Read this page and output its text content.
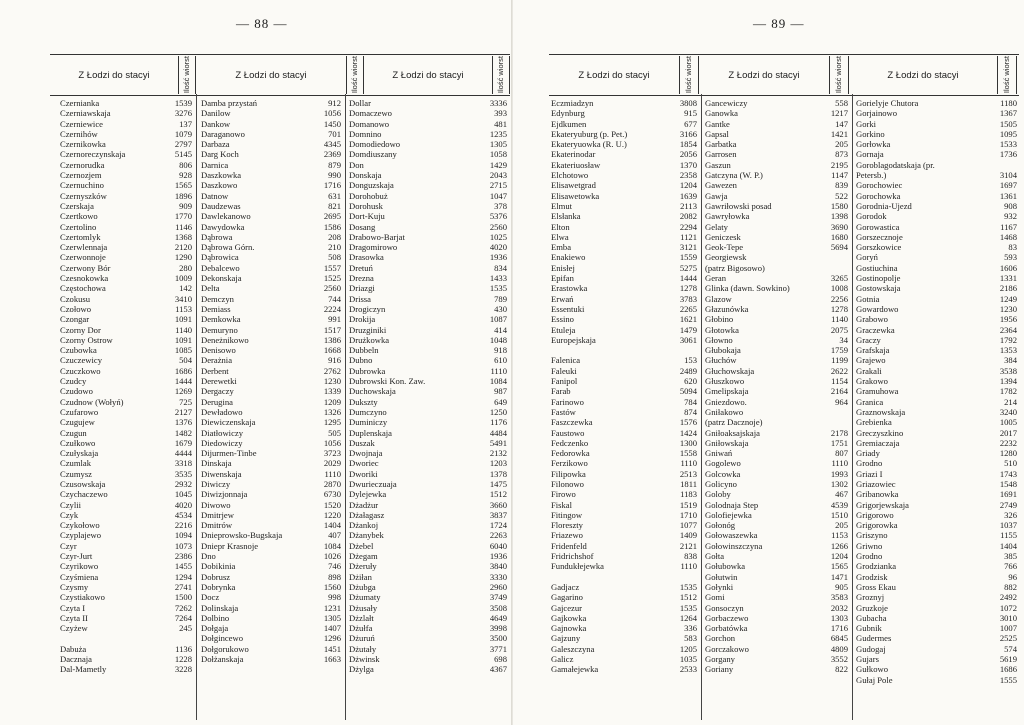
— 88 —
Z Łodzi do stacyi	Ilość wiorst	Z Łodzi do stacyi	Ilość wiorst	Z Łodzi do stacyi	Ilość wiorst
Czernianka	1539
Czerniawskaja	3276
Czerniewice	137
Czernihów	1079
Czernikowka	2797
Czernoreczynskaja	5145
Czernorudka	806
Czernozjem	928
Czernuchino	1565
Czernyszków	1896
Czerskaja	909
Czertkowo	1770
Czertolino	1146
Czertomlyk	1368
Czerwlennaja	2120
Czerwonnoje	1290
Czerwony Bór	280
Czesnokowka	1009
Częstochowa	142
Czokusu	3410
Czołowo	1153
Czongar	1091
Czorny Dor	1140
Czorny Ostrow	1091
Czubowka	1085
Czuczewicy	504
Czuczkowo	1686
Czudcy	1444
Czudowo	1269
Czudnow (Wołyń)	725
Czufarowo	2127
Czugujew	1376
Czugun	1482
Czułkowo	1679
Czułyskaja	4444
Czumlak	3318
Czumysz	3535
Czusowskaja	2932
Czychaczewo	1045
Czylii	4020
Czyk	4534
Czykołowo	2216
Czyplajewo	1094
Czyr	1073
Czyr-Jurt	2386
Czyrikowo	1455
Czyśmiena	1294
Czysmy	2741
Czystiakowo	1500
Czyta I	7262
Czyta II	7264
Czyżew	245
Dabuża	1136
Dacznaja	1228
Dal-Mametly	3228
Damba przystań	912
Danilow	1056
Dankow	1450
Daraganowo	701
Darbaza	4345
Darg Koch	2369
Darnica	879
Daszkowka	990
Daszkowo	1716
Datnow	631
Daudzewas	821
Dawlekanowo	2695
Dawydowka	1586
Dąbrowa	208
Dąbrowa Górn.	210
Dąbrowica	508
Debalcewo	1557
Dekonskaja	1525
Delta	2560
Demczyn	744
Demiass	2224
Demkowka	991
Demuryno	1517
Deneżnikowo	1386
Denisowo	1668
Derażnia	916
Derbent	2762
Derewetki	1230
Dergaczy	1339
Derugina	1209
Dewładowo	1326
Diewiczenskaja	1295
Diatłowiczy	505
Diedowiczy	1056
Dijurmen-Tinbe	3723
Dinskaja	2029
Diwenskaja	1110
Diwiczy	2870
Diwizjonnaja	6730
Diwowo	1520
Dmitrjew	1220
Dmitrów	1404
Dnieprowsko-Bugskaja	407
Dniepr Krasnoje	1084
Dno	1026
Dobikinia	746
Dobrusz	898
Dobrynka	1560
Docz	998
Dolinskaja	1231
Dolbino	1305
Dołgaja	1407
Dołgincewo	1296
Dołgorukowo	1451
Dołżanskaja	1663
Dollar	3336
Domaczewo	393
Domanowo	481
Domnino	1235
Domodiedowo	1305
Domdiuszany	1058
Don	1429
Donskaja	2043
Donguzskaja	2715
Dorohobuż	1047
Dorohusk	378
Dort-Kuju	5376
Dosang	2560
Drabowo-Barjat	1025
Dragomirowo	4020
Drasowka	1936
Dretuń	834
Drezna	1433
Driazgi	1535
Drissa	789
Drogiczyn	430
Drokija	1087
Druzginiki	414
Drużkowka	1048
Dubbeln	918
Dubno	610
Dubrowka	1110
Dubrowski Kon. Zaw.	1084
Duchowskaja	987
Dukszty	649
Dumczyno	1250
Duminiczy	1176
Duplenskaja	4484
Duszak	5491
Dwojnaja	2132
Dworiec	1203
Dworiki	1378
Dwurieczuaja	1475
Dylejewka	1512
Dżadżur	3660
Dżałagasz	3837
Dżankoj	1724
Dżanybek	2263
Dżebel	6040
Dżegam	1936
Dżeruły	3840
Dżiłan	3330
Dżubga	2960
Dżumaty	3749
Dżusały	3508
Dżzlałt	4649
Dżułfa	3998
Dżuruń	3500
Dżutały	3771
Dżwinsk	698
Dżylga	4367
— 89 —
Z Łodzi do stacyi	Ilość wiorst	Z Łodzi do stacyi	Ilość wiorst	Z Łodzi do stacyi	Ilość wiorst
Eczmiadzyn	3808
Edynburg	915
Ejdkumen	677
Ekateryuburg (p. Pet.)	3166
Ekateryuowka (R. U.)	1854
Ekaterinodar	2056
Ekateriuosław	1370
Elchotowo	2358
Elisawetgrad	1204
Elisawetowka	1639
Elmut	2113
Elsłanka	2082
Elton	2294
Elwa	1121
Emba	3121
Enakiewo	1559
Enisłej	5275
Epifan	1444
Erastowka	1278
Erwań	3783
Essentuki	2265
Essino	1621
Etuleja	1479
Europejskaja	3061
Falenica	153
Faleuki	2489
Fanipol	620
Farab	5094
Farinowo	784
Fastów	874
Faszczewka	1576
Faustowo	1424
Fedczenko	1300
Fedorowka	1558
Ferzikowo	1110
Filipowka	2513
Filonowo	1811
Firowo	1183
Fiskal	1519
Fitingow	1710
Floreszty	1077
Friazewo	1409
Fridenfeld	2121
Fridrichshof	838
Fundukłejewka	1110
Gadjacz	1535
Gagarino	1512
Gajcezur	1535
Gajkowka	1264
Gajnowka	336
Gajzuny	583
Galeszczyna	1205
Galicz	1035
Gamałejewka	2533
Gancewiczy	558
Ganowka	1217
Gantke	147
Gapsal	1421
Garbatka	205
Garrosen	873
Gaszun	2195
Gatczyna (W. P.)	1147
Gawezen	839
Gawja	522
Gawriłowski posad	1580
Gawryłowka	1398
Gelaty	3690
Geniczesk	1680
Geok-Tepe	5694
Georgiewsk
(patrz Bigosowo)
Geran	3265
Glinka (dawn. Sowkino)	1008
Glazow	2256
Głazunówka	1278
Głobino	1140
Głotowka	2075
Głowno	34
Głubokaja	1759
Głuchów	1199
Głuchowskaja	2622
Głuszkowo	1154
Gmelipskaja	2164
Gniezdowo.	964
Gniłakowo
(patrz Dacznoje)
Gniłoaksajskaja	2178
Gniłowskaja	1751
Gniwań	807
Gogolewo	1110
Golcowka	1993
Golicyno	1302
Goloby	467
Golodnaja Step	4539
Golofiejewka	1510
Gołonóg	205
Gołowaszewka	1153
Gołowinszczyna	1266
Gołta	1204
Gołubowka	1565
Gołutwin	1471
Gołynki	905
Gomi	3583
Gonsoczyn	2032
Gorbaczewo	1303
Gorbatówka	1716
Gorchon	6845
Gorczakowo	4809
Gorgany	3552
Goriany	822
Gorielyje Chutora	1180
Gorjainowo	1367
Gorki	1505
Gorkino	1095
Gorłowka	1533
Gornaja	1736
Goroblagodatskaja (pr.
Petersb.)	3104
Gorochowiec	1697
Gorochowka	1361
Gorodnia-Ujezd	908
Gorodok	932
Gorowastica	1167
Gorszecznoje	1468
Gorszkowice	83
Goryń	593
Gostiuchina	1606
Gostinopolje	1331
Gostowskaja	2186
Gotnia	1249
Gowardowo	1230
Grabowo	1956
Graczewka	2364
Graczy	1792
Grafskaja	1353
Grajewo	384
Grakali	3538
Grakowo	1394
Gramuhowa	1782
Granica	214
Graznowskaja	3240
Grebienka	1005
Greczyszkino	2017
Gremiaczaja	2232
Griady	1280
Grodno	510
Griazi I	1743
Griazowiec	1548
Gribanowka	1691
Grigorjewskaja	2749
Grigorowo	326
Grigorowka	1037
Griszyno	1155
Griwno	1404
Grodno	385
Grodzianka	766
Grodzisk	96
Gross Ekau	882
Groznyj	2492
Gruzkoje	1072
Gubacha	3010
Gubnik	1007
Gudermes	2525
Gudogaj	574
Gujars	5619
Gułkowo	1686
Gułaj Pole	1555
